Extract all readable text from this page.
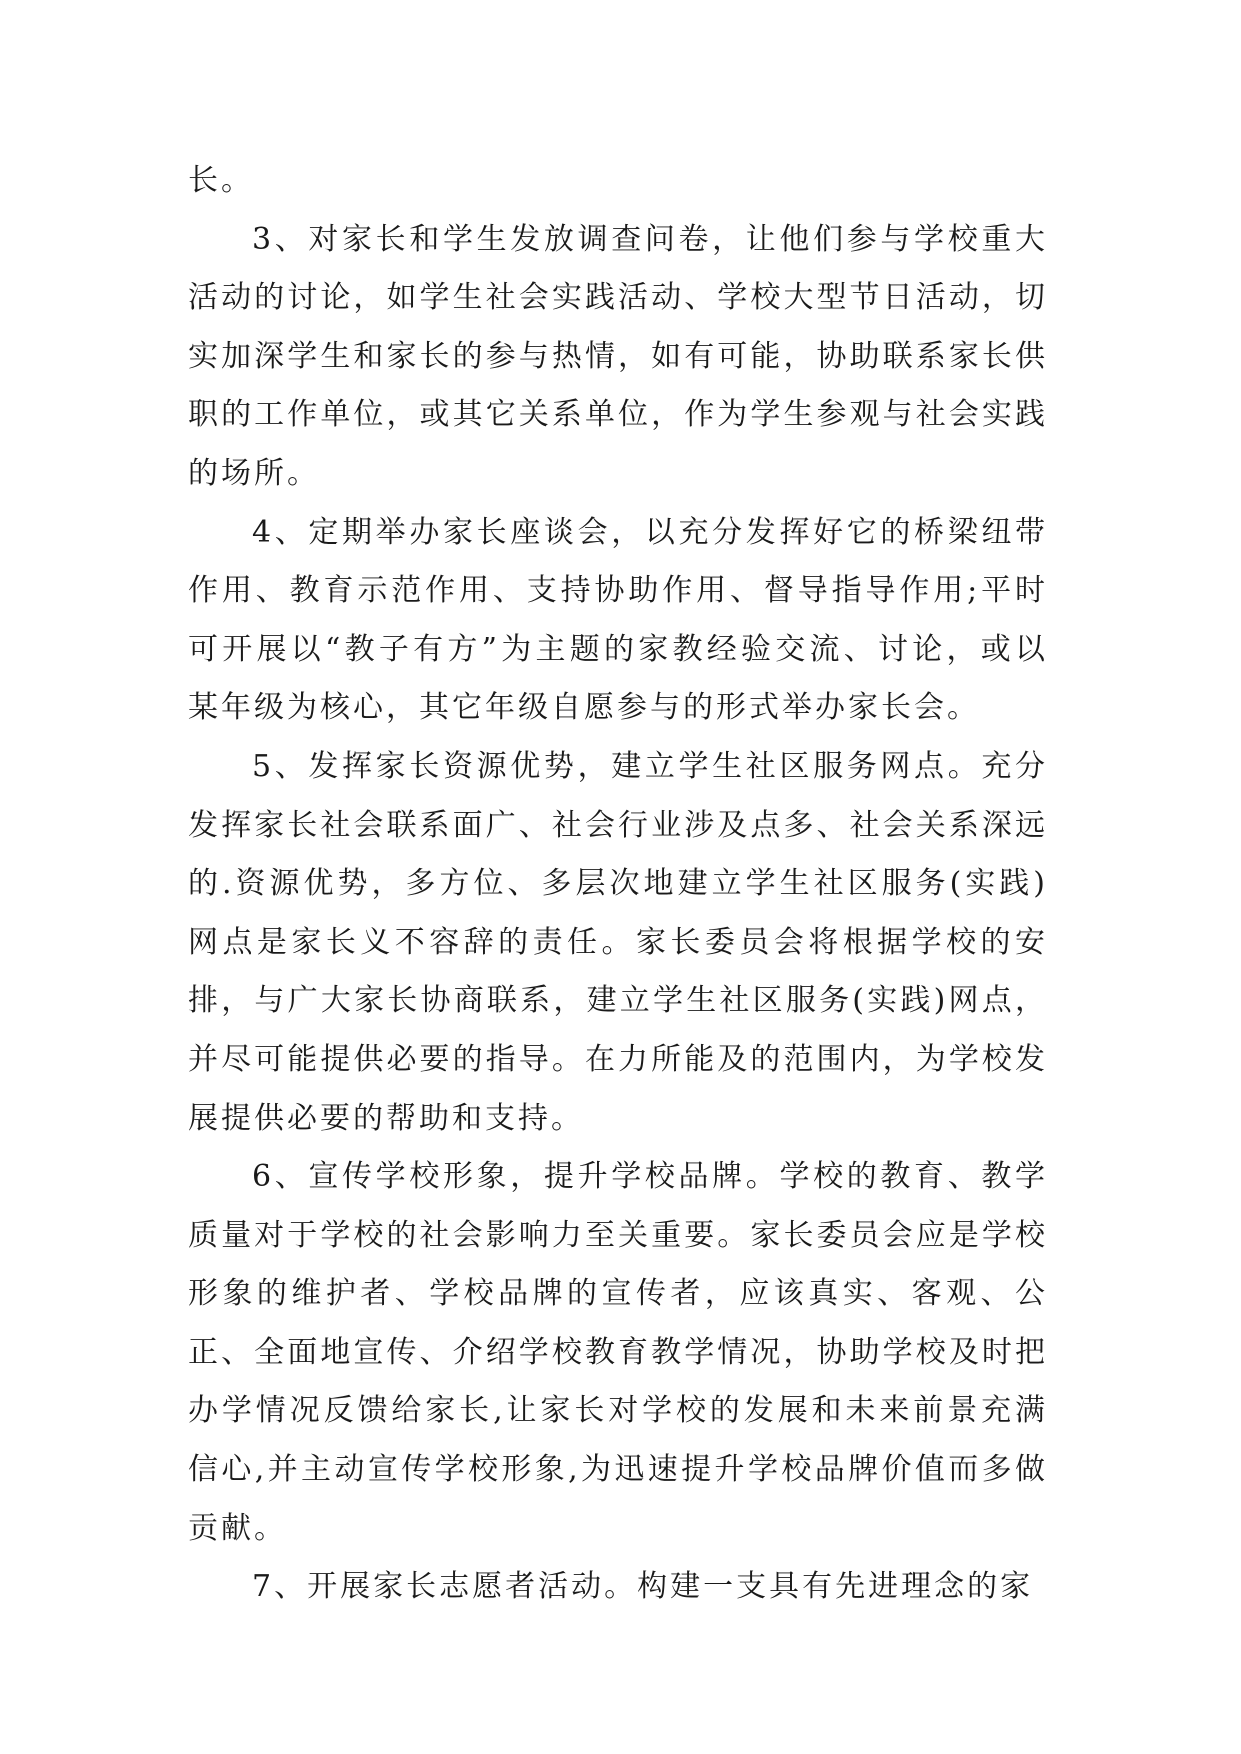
长。

3、对家长和学生发放调查问卷，让他们参与学校重大活动的讨论，如学生社会实践活动、学校大型节日活动，切实加深学生和家长的参与热情，如有可能，协助联系家长供职的工作单位，或其它关系单位，作为学生参观与社会实践的场所。

4、定期举办家长座谈会，以充分发挥好它的桥梁纽带作用、教育示范作用、支持协助作用、督导指导作用;平时可开展以“教子有方”为主题的家教经验交流、讨论，或以某年级为核心，其它年级自愿参与的形式举办家长会。

5、发挥家长资源优势，建立学生社区服务网点。充分发挥家长社会联系面广、社会行业涉及点多、社会关系深远的.资源优势，多方位、多层次地建立学生社区服务(实践)网点是家长义不容辞的责任。家长委员会将根据学校的安排，与广大家长协商联系，建立学生社区服务(实践)网点，并尽可能提供必要的指导。在力所能及的范围内，为学校发展提供必要的帮助和支持。

6、宣传学校形象，提升学校品牌。学校的教育、教学质量对于学校的社会影响力至关重要。家长委员会应是学校形象的维护者、学校品牌的宣传者，应该真实、客观、公正、全面地宣传、介绍学校教育教学情况，协助学校及时把办学情况反馈给家长,让家长对学校的发展和未来前景充满信心,并主动宣传学校形象,为迅速提升学校品牌价值而多做贡献。

7、开展家长志愿者活动。构建一支具有先进理念的家
